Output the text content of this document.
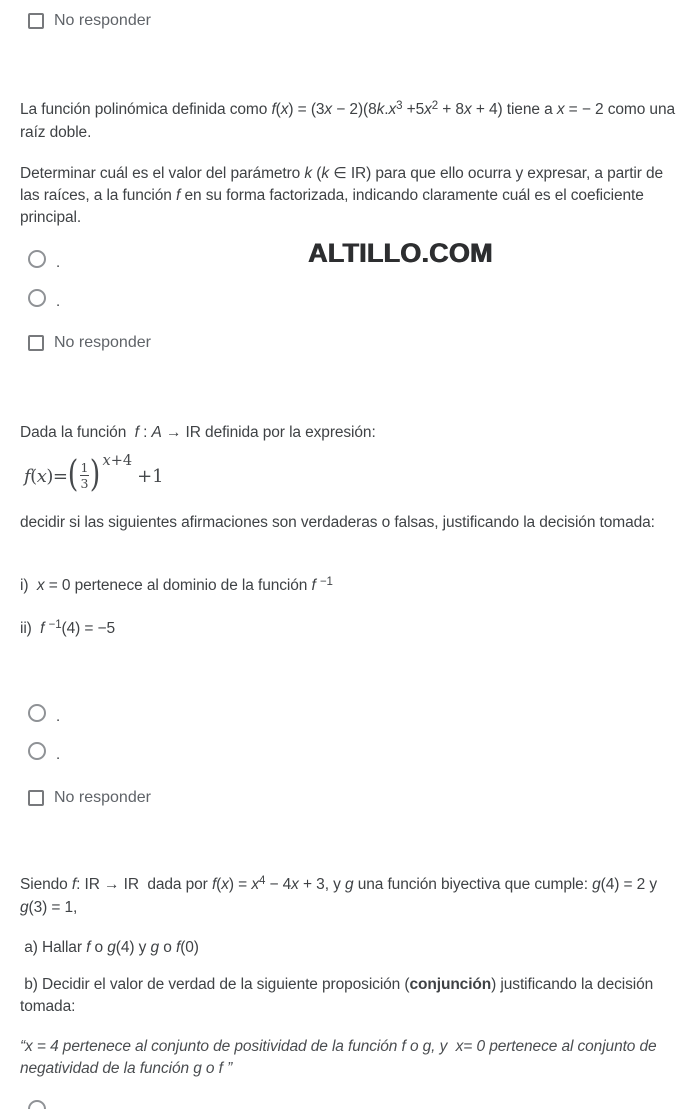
No responder
La función polinómica definida como $f(x) = (3x - 2)(8k.x^3 +5x^2 + 8x + 4)$ tiene a x = − 2 como una raíz doble.
Determinar cuál es el valor del parámetro k (k ∈ IR) para que ello ocurra y expresar, a partir de las raíces, a la función f en su forma factorizada, indicando claramente cuál es el coeficiente principal.
ALTILLO.COM
.
.
No responder
Dada la función  f : A → IR definida por la expresión:
f(x)= ( $\frac{1}{3}$ ) x+4
+1
decidir si las siguientes afirmaciones son verdaderas o falsas, justificando la decisión tomada:
i)  x = 0 pertenece al dominio de la función f $^{-1}$
ii)  f $^{-1}$(4) = −5
.
.
No responder
Siendo f: IR → IR  dada por $f(x) = x^4 - 4x + 3$, y g una función biyectiva que cumple: g(4) = 2 y g(3) = 1,
a) Hallar f o g(4) y g o f(0)
b) Decidir el valor de verdad de la siguiente proposición (conjunción) justificando la decisión tomada:
“x = 4 pertenece al conjunto de positividad de la función f o g, y  x= 0 pertenece al conjunto de negatividad de la función g o f ”
